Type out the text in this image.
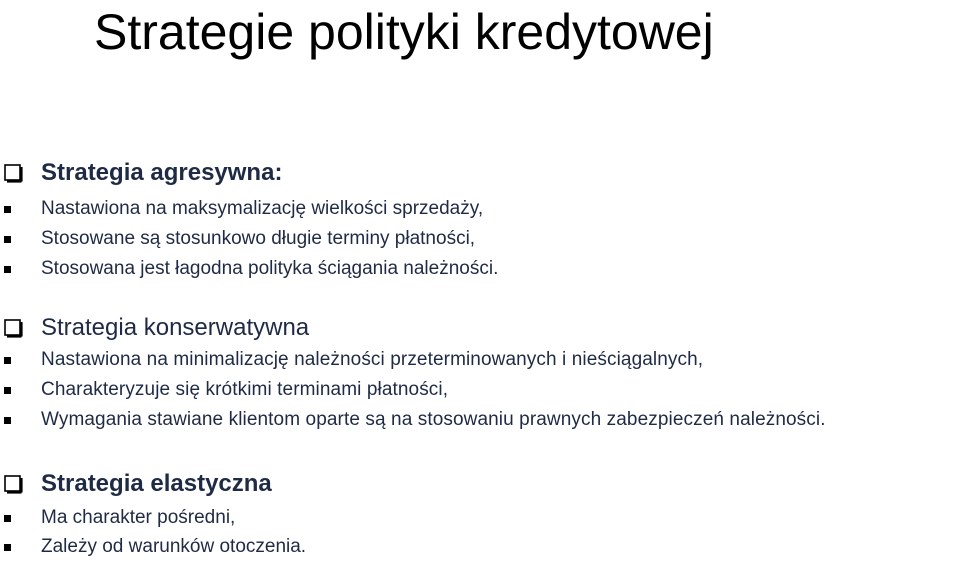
Strategie polityki kredytowej
Strategia agresywna:
Nastawiona na maksymalizację wielkości sprzedaży,
Stosowane są stosunkowo długie terminy płatności,
Stosowana jest łagodna polityka ściągania należności.
Strategia konserwatywna
Nastawiona na minimalizację należności przeterminowanych i nieściągalnych,
Charakteryzuje się krótkimi terminami płatności,
Wymagania stawiane klientom oparte są na stosowaniu prawnych zabezpieczeń należności.
Strategia elastyczna
Ma charakter pośredni,
Zależy od warunków otoczenia.
